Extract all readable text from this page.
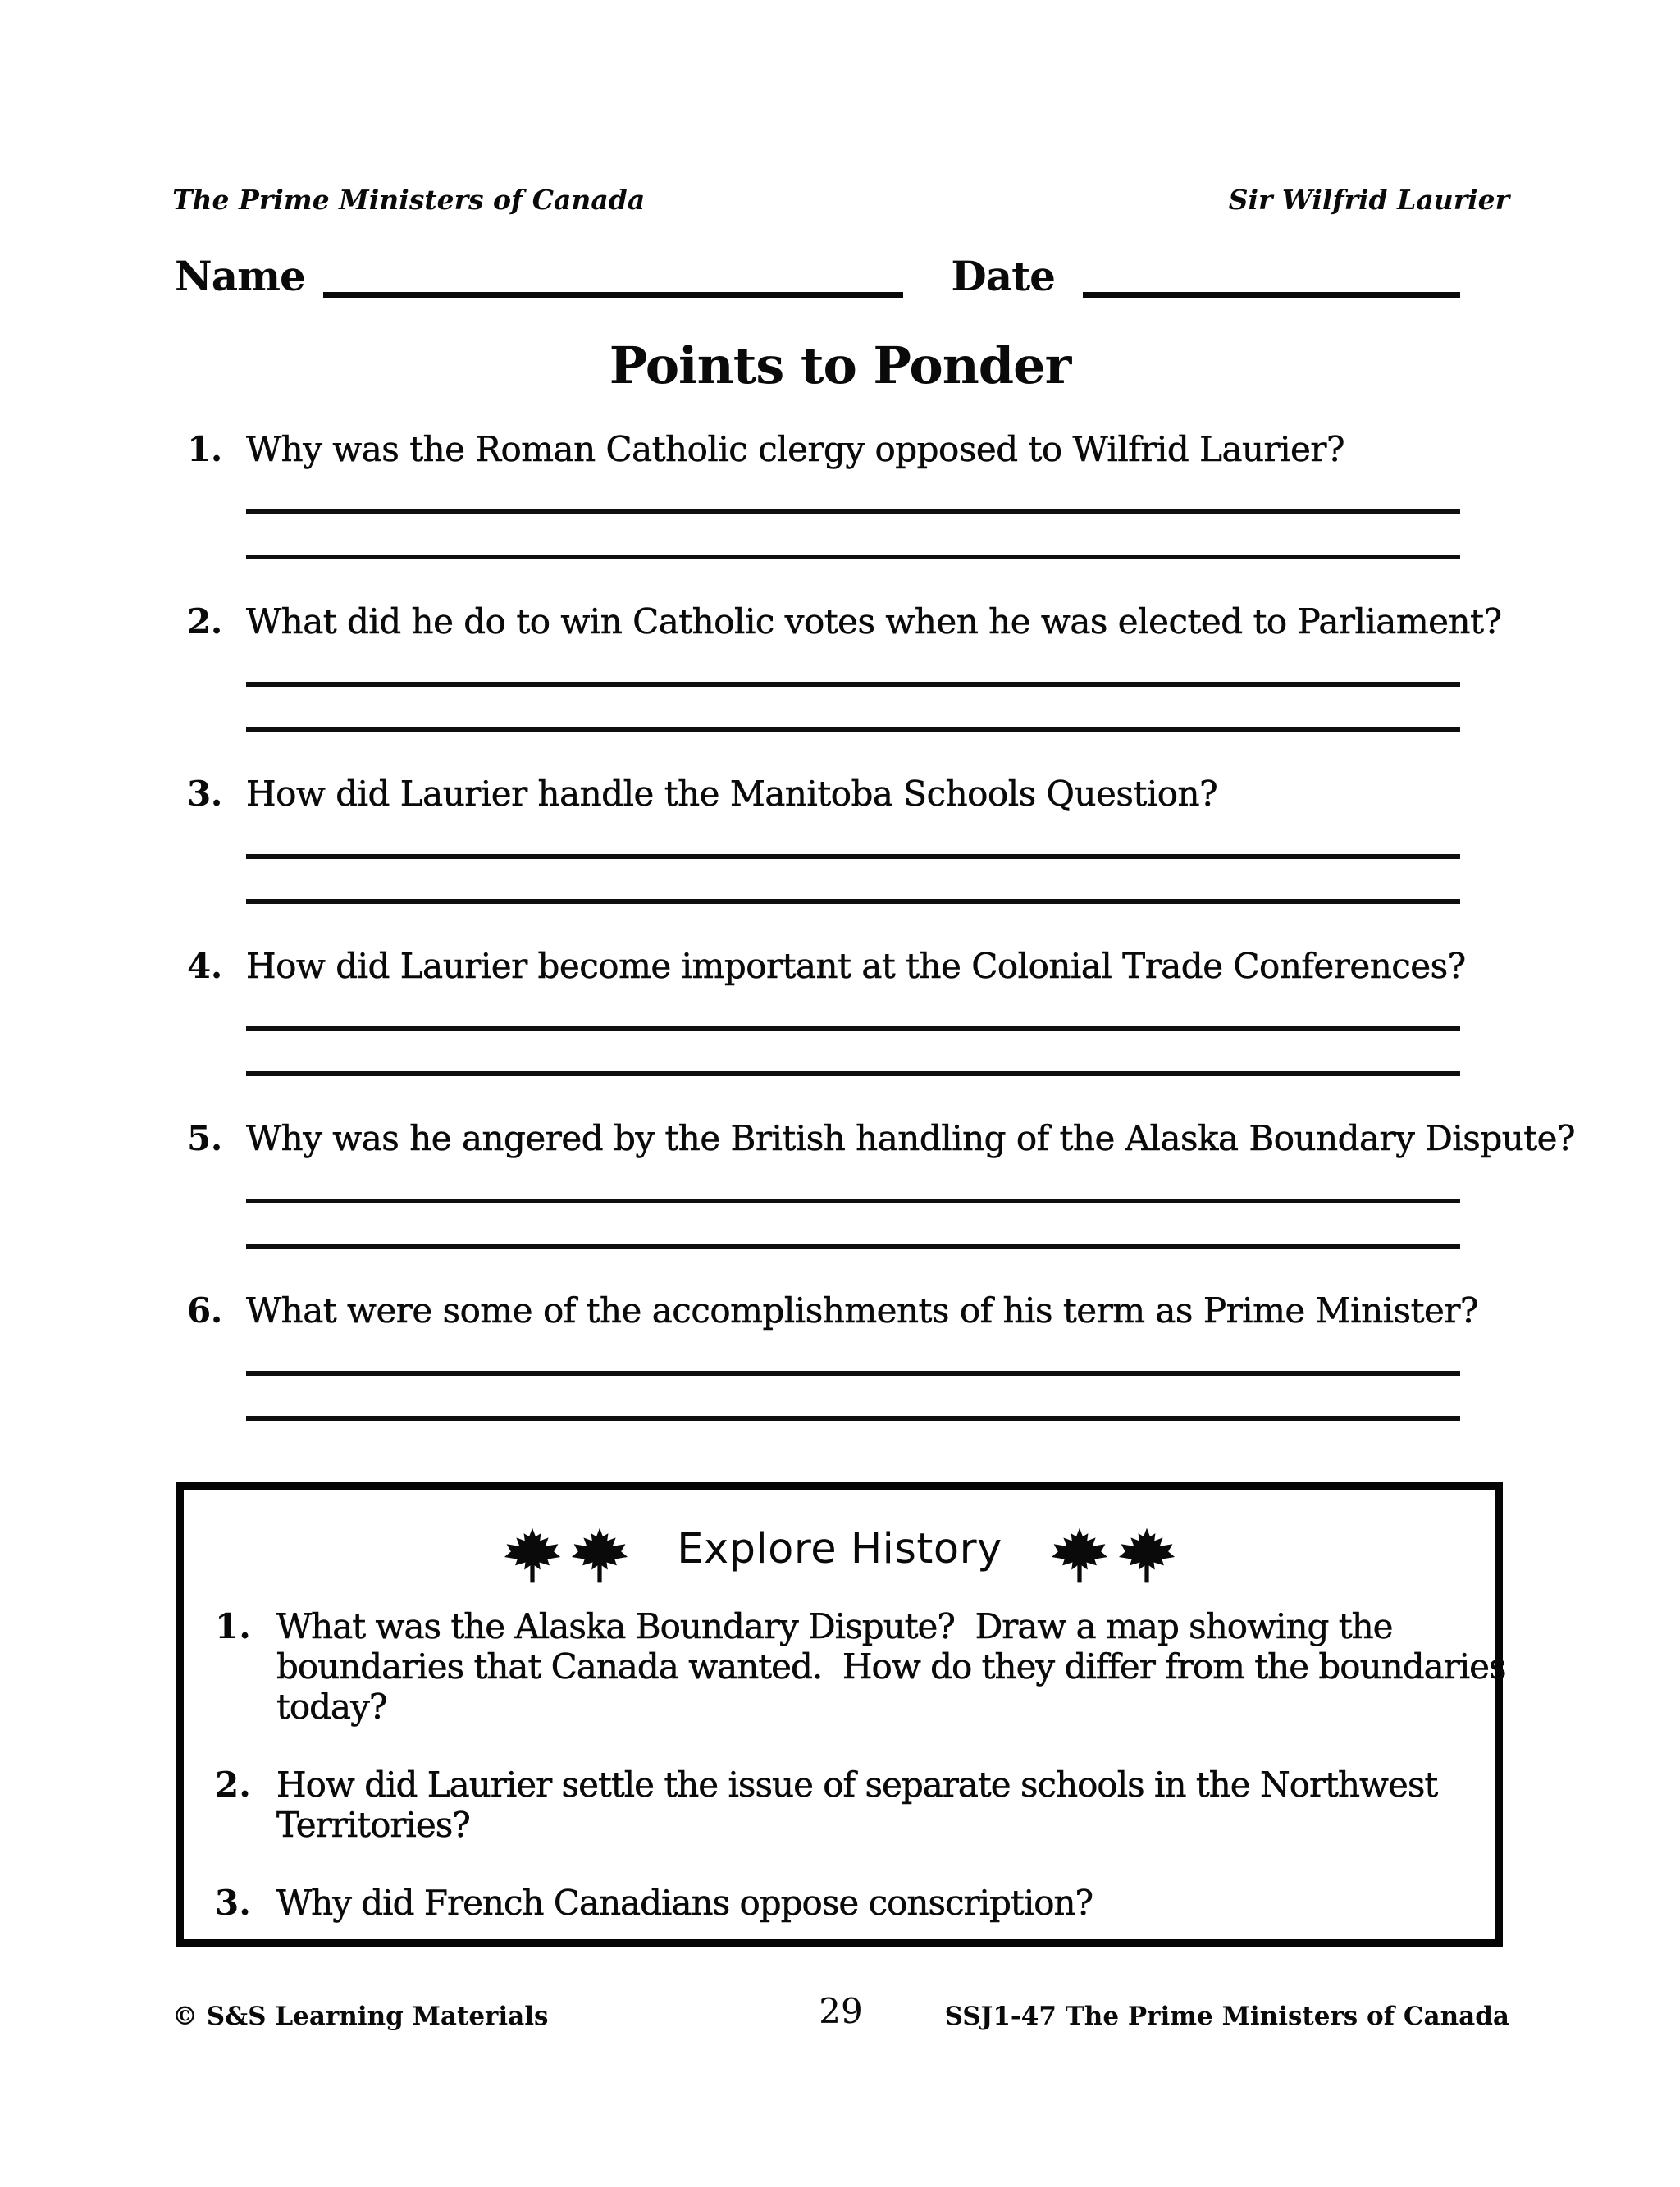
The Prime Ministers of Canada	Sir Wilfrid Laurier
Name	Date
Points to Ponder
1. Why was the Roman Catholic clergy opposed to Wilfrid Laurier?
2. What did he do to win Catholic votes when he was elected to Parliament?
3. How did Laurier handle the Manitoba Schools Question?
4. How did Laurier become important at the Colonial Trade Conferences?
5. Why was he angered by the British handling of the Alaska Boundary Dispute?
6. What were some of the accomplishments of his term as Prime Minister?
Explore History
1. What was the Alaska Boundary Dispute?  Draw a map showing the
boundaries that Canada wanted.  How do they differ from the boundaries
today?
2. How did Laurier settle the issue of separate schools in the Northwest
Territories?
3. Why did French Canadians oppose conscription?
© S&S Learning Materials	29	SSJ1-47 The Prime Ministers of Canada
